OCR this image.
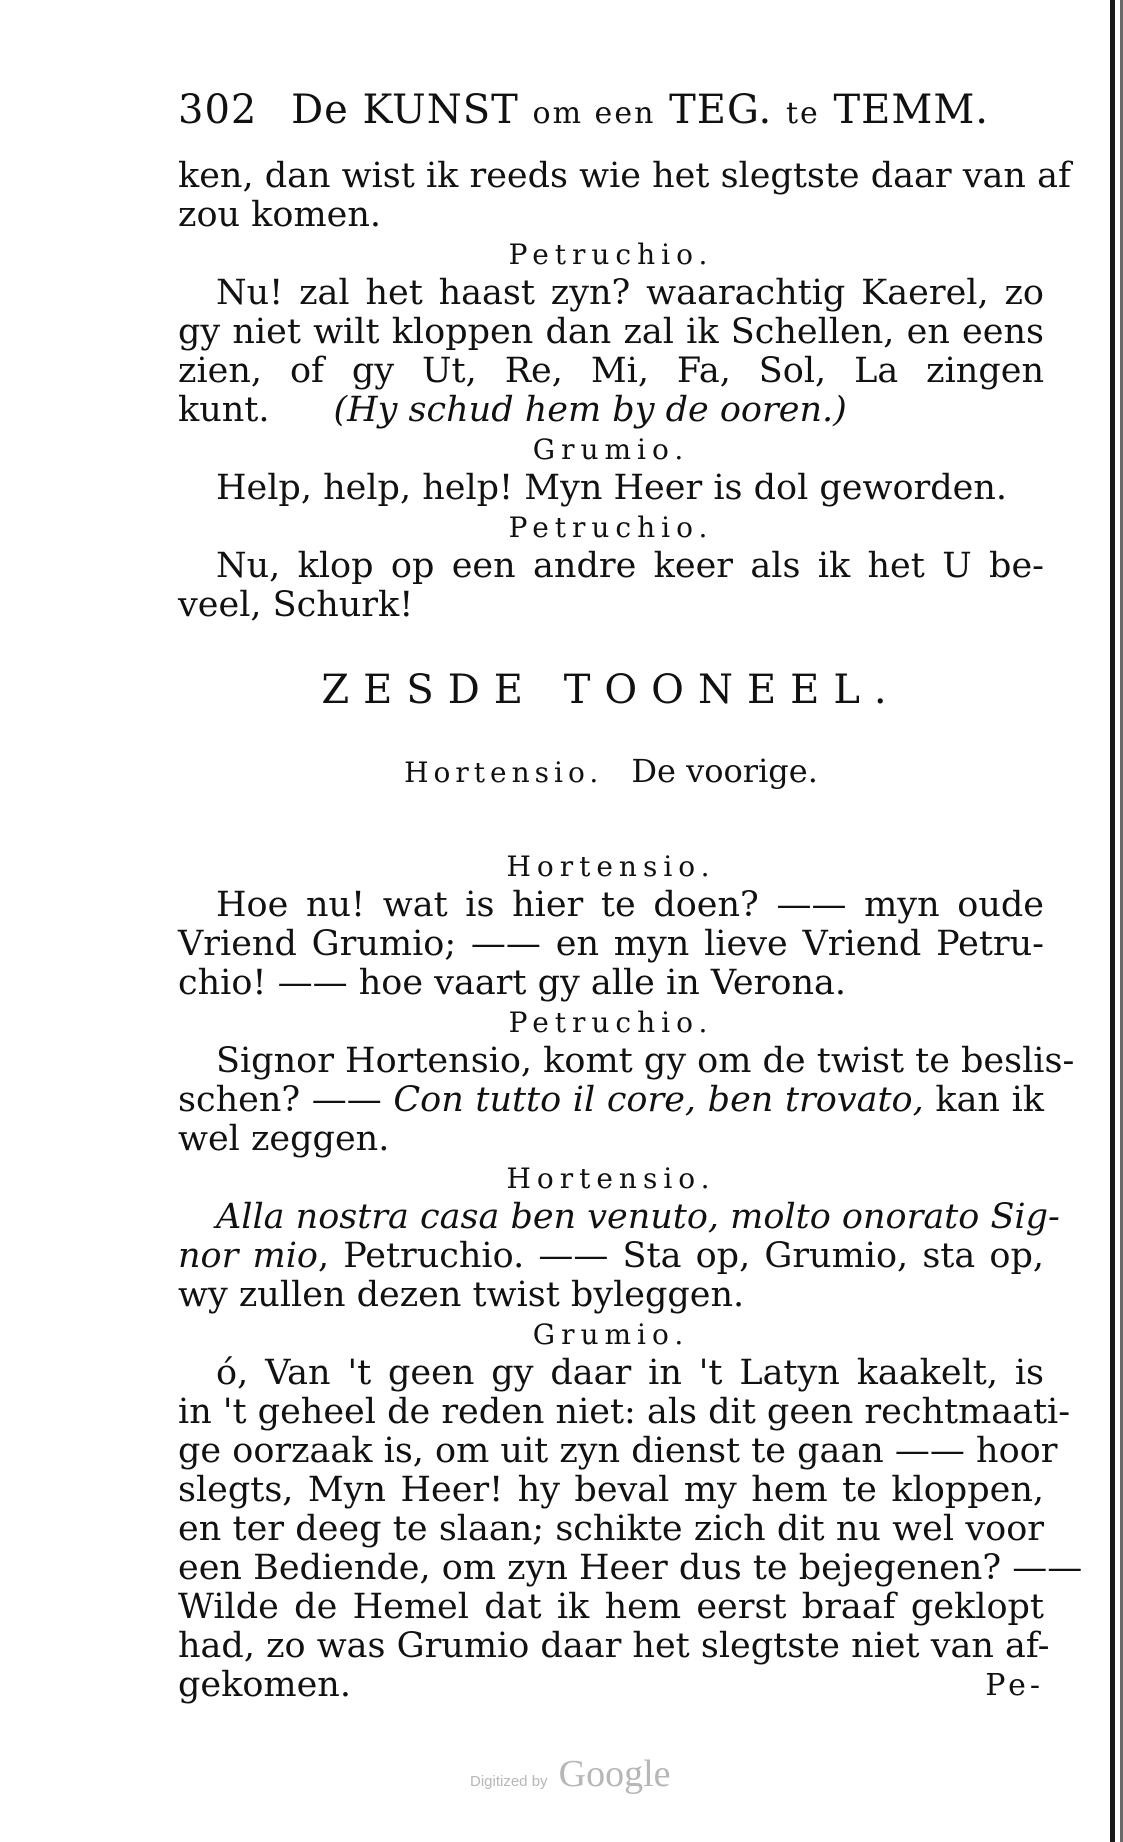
302 De KUNST om een TEG. te TEMM.
ken, dan wist ik reeds wie het slegtste daar van af
zou komen.
Petruchio.
Nu! zal het haast zyn? waarachtig Kaerel, zo
gy niet wilt kloppen dan zal ik Schellen, en eens
zien, of gy Ut, Re, Mi, Fa, Sol, La zingen
kunt. (Hy schud hem by de ooren.)
Grumio.
Help, help, help! Myn Heer is dol geworden.
Petruchio.
Nu, klop op een andre keer als ik het U be-
veel, Schurk!
ZESDE TOONEEL.
Hortensio. De voorige.
Hortensio.
Hoe nu! wat is hier te doen? —— myn oude
Vriend Grumio; —— en myn lieve Vriend Petru-
chio! —— hoe vaart gy alle in Verona.
Petruchio.
Signor Hortensio, komt gy om de twist te beslis-
schen? —— Con tutto il core, ben trovato, kan ik
wel zeggen.
Hortensio.
Alla nostra casa ben venuto, molto onorato Sig-
nor mio, Petruchio. —— Sta op, Grumio, sta op,
wy zullen dezen twist byleggen.
Grumio.
ó, Van 't geen gy daar in 't Latyn kaakelt, is
in 't geheel de reden niet: als dit geen rechtmaati-
ge oorzaak is, om uit zyn dienst te gaan —— hoor
slegts, Myn Heer! hy beval my hem te kloppen,
en ter deeg te slaan; schikte zich dit nu wel voor
een Bediende, om zyn Heer dus te bejegenen? ——
Wilde de Hemel dat ik hem eerst braaf geklopt
had, zo was Grumio daar het slegtste niet van af-
gekomen.	Pe-
Digitized by Google
